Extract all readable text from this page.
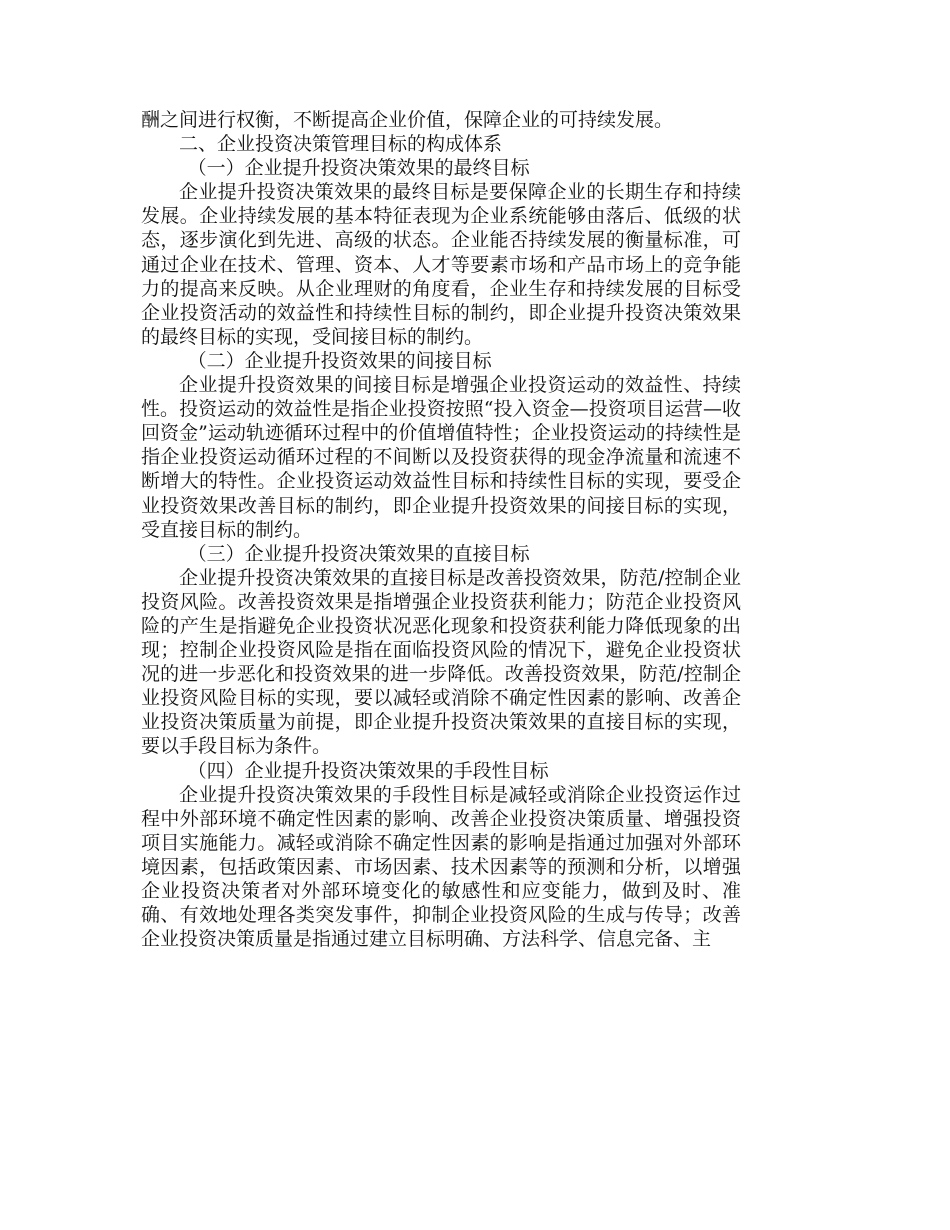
酬之间进行权衡，不断提高企业价值，保障企业的可持续发展。

二、企业投资决策管理目标的构成体系

（一）企业提升投资决策效果的最终目标

企业提升投资决策效果的最终目标是要保障企业的长期生存和持续发展。企业持续发展的基本特征表现为企业系统能够由落后、低级的状态，逐步演化到先进、高级的状态。企业能否持续发展的衡量标准，可通过企业在技术、管理、资本、人才等要素市场和产品市场上的竞争能力的提高来反映。从企业理财的角度看，企业生存和持续发展的目标受企业投资活动的效益性和持续性目标的制约，即企业提升投资决策效果的最终目标的实现，受间接目标的制约。

（二）企业提升投资效果的间接目标

企业提升投资效果的间接目标是增强企业投资运动的效益性、持续性。投资运动的效益性是指企业投资按照“投入资金—投资项目运营—收回资金”运动轨迹循环过程中的价值增值特性；企业投资运动的持续性是指企业投资运动循环过程的不间断以及投资获得的现金净流量和流速不断增大的特性。企业投资运动效益性目标和持续性目标的实现，要受企业投资效果改善目标的制约，即企业提升投资效果的间接目标的实现，受直接目标的制约。

（三）企业提升投资决策效果的直接目标

企业提升投资决策效果的直接目标是改善投资效果，防范/控制企业投资风险。改善投资效果是指增强企业投资获利能力；防范企业投资风险的产生是指避免企业投资状况恶化现象和投资获利能力降低现象的出现；控制企业投资风险是指在面临投资风险的情况下，避免企业投资状况的进一步恶化和投资效果的进一步降低。改善投资效果，防范/控制企业投资风险目标的实现，要以减轻或消除不确定性因素的影响、改善企业投资决策质量为前提，即企业提升投资决策效果的直接目标的实现，要以手段目标为条件。

（四）企业提升投资决策效果的手段性目标

企业提升投资决策效果的手段性目标是减轻或消除企业投资运作过程中外部环境不确定性因素的影响、改善企业投资决策质量、增强投资项目实施能力。减轻或消除不确定性因素的影响是指通过加强对外部环境因素，包括政策因素、市场因素、技术因素等的预测和分析，以增强企业投资决策者对外部环境变化的敏感性和应变能力，做到及时、准确、有效地处理各类突发事件，抑制企业投资风险的生成与传导；改善企业投资决策质量是指通过建立目标明确、方法科学、信息完备、主
